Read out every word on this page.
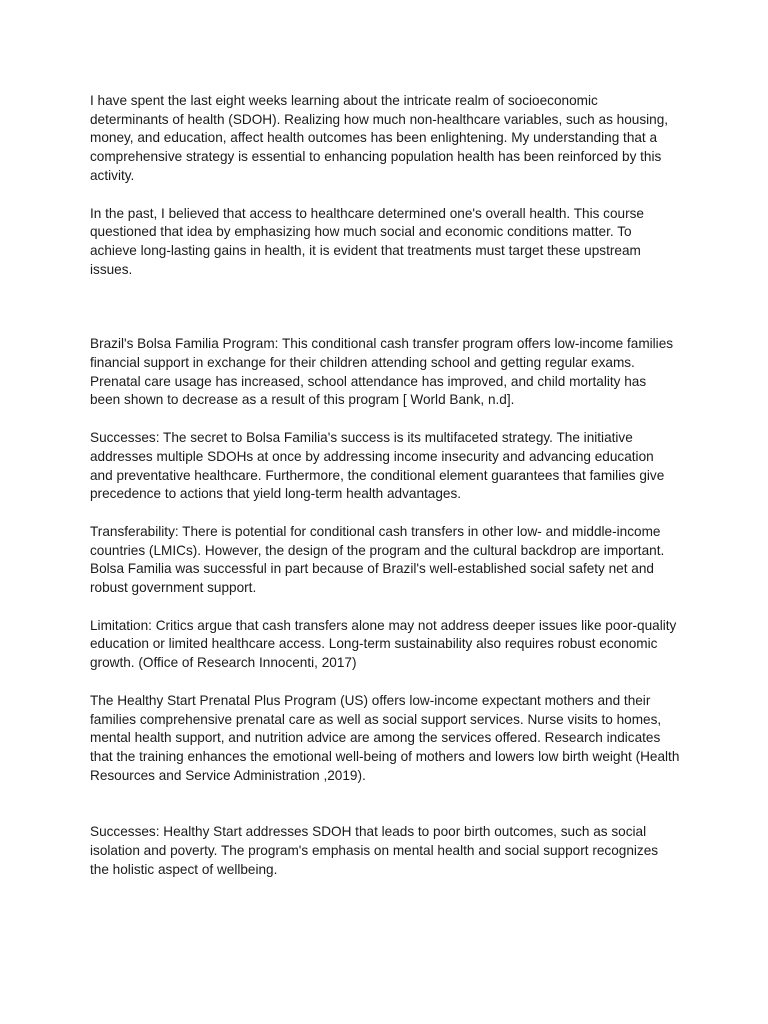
I have spent the last eight weeks learning about the intricate realm of socioeconomic determinants of health (SDOH). Realizing how much non-healthcare variables, such as housing, money, and education, affect health outcomes has been enlightening. My understanding that a comprehensive strategy is essential to enhancing population health has been reinforced by this activity.

In the past, I believed that access to healthcare determined one's overall health. This course questioned that idea by emphasizing how much social and economic conditions matter. To achieve long-lasting gains in health, it is evident that treatments must target these upstream issues.

Brazil's Bolsa Familia Program: This conditional cash transfer program offers low-income families financial support in exchange for their children attending school and getting regular exams. Prenatal care usage has increased, school attendance has improved, and child mortality has been shown to decrease as a result of this program [ World Bank, n.d].

Successes: The secret to Bolsa Familia's success is its multifaceted strategy. The initiative addresses multiple SDOHs at once by addressing income insecurity and advancing education and preventative healthcare. Furthermore, the conditional element guarantees that families give precedence to actions that yield long-term health advantages.

Transferability: There is potential for conditional cash transfers in other low- and middle-income countries (LMICs). However, the design of the program and the cultural backdrop are important. Bolsa Familia was successful in part because of Brazil's well-established social safety net and robust government support.

Limitation: Critics argue that cash transfers alone may not address deeper issues like poor-quality education or limited healthcare access. Long-term sustainability also requires robust economic growth. (Office of Research Innocenti, 2017)

The Healthy Start Prenatal Plus Program (US) offers low-income expectant mothers and their families comprehensive prenatal care as well as social support services. Nurse visits to homes, mental health support, and nutrition advice are among the services offered. Research indicates that the training enhances the emotional well-being of mothers and lowers low birth weight (Health Resources and Service Administration ,2019).

Successes: Healthy Start addresses SDOH that leads to poor birth outcomes, such as social isolation and poverty. The program's emphasis on mental health and social support recognizes the holistic aspect of wellbeing.
